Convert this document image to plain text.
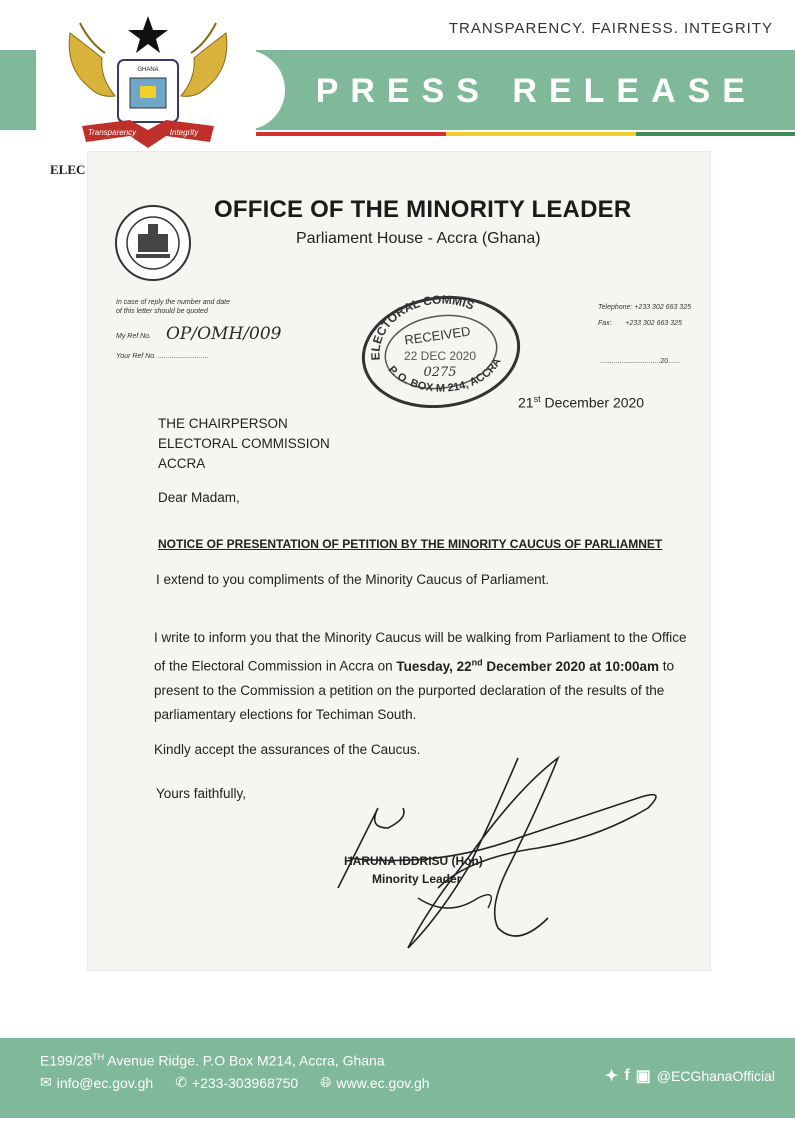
TRANSPARENCY. FAIRNESS. INTEGRITY
PRESS RELEASE
GHANA
Transparency	Integrity
ELEC
OFFICE OF THE MINORITY LEADER
Parliament House - Accra (Ghana)
In case of reply the number and date of this letter should be quoted
My Ref No. OP/OMH/009
Your Ref No. ..........................
Telephone: +233 302 663 325
Fax: +233 302 663 325
...............................20......
ELECTORAL COMMIS
P. O. BOX M 214, ACCRA
RECEIVED
22 DEC 2020
0275
21st December 2020
THE CHAIRPERSON
ELECTORAL COMMISSION
ACCRA
Dear Madam,
NOTICE OF PRESENTATION OF PETITION BY THE MINORITY CAUCUS OF PARLIAMNET
I extend to you compliments of the Minority Caucus of Parliament.
I write to inform you that the Minority Caucus will be walking from Parliament to the Office of the Electoral Commission in Accra on Tuesday, 22nd December 2020 at 10:00am to present to the Commission a petition on the purported declaration of the results of the parliamentary elections for Techiman South.
Kindly accept the assurances of the Caucus.
Yours faithfully,
HARUNA IDDRISU (Hon)
Minority Leader
E199/28TH Avenue Ridge. P.O Box M214, Accra, Ghana
✉ info@ec.gov.gh ✆ +233-303968750 🌐︎ www.ec.gov.gh	✦ f ▣ @ECGhanaOfficial
